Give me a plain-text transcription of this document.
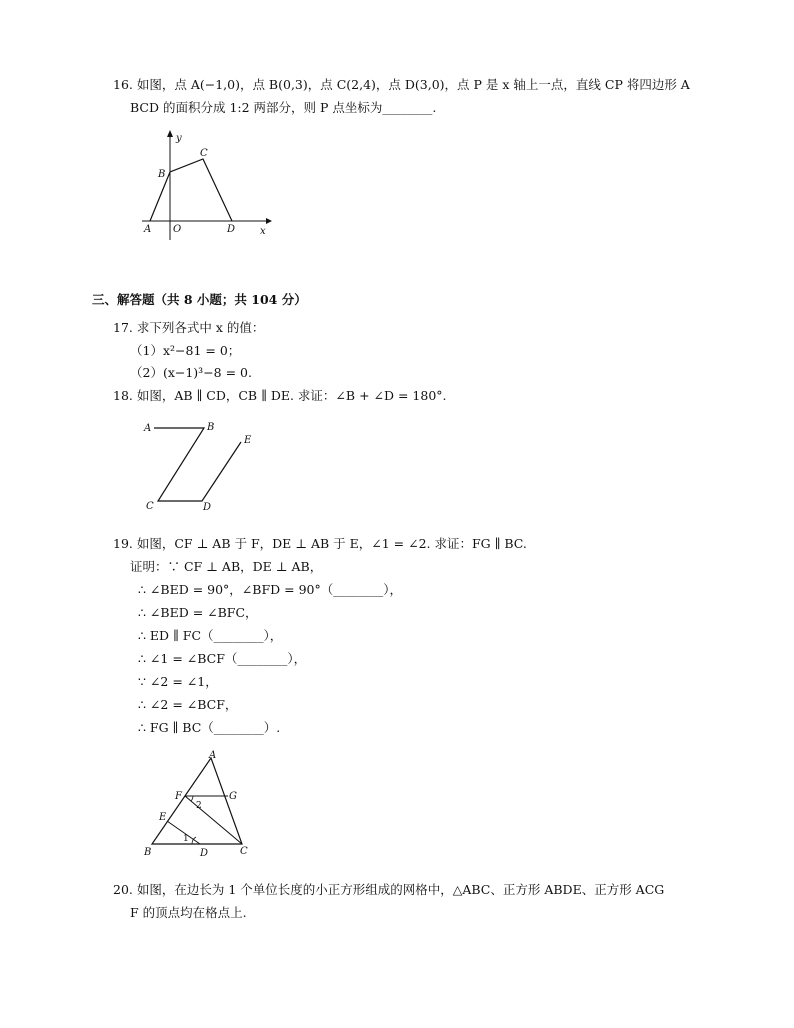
16. 如图，点 A(−1,0)，点 B(0,3)，点 C(2,4)，点 D(3,0)，点 P 是 x 轴上一点，直线 CP 将四边形 A
BCD 的面积分成 1:2 两部分，则 P 点坐标为________.
y
x
A O
B
C
D
三、解答题（共 8 小题；共 104 分）
17. 求下列各式中 x 的值：
（1）x²−81 = 0；
（2）(x−1)³−8 = 0.
18. 如图，AB ∥ CD，CB ∥ DE. 求证：∠B + ∠D = 180°.
A	B
E
C	D
19. 如图，CF ⊥ AB 于 F，DE ⊥ AB 于 E，∠1 = ∠2. 求证：FG ∥ BC.
证明：∵ CF ⊥ AB，DE ⊥ AB，
∴ ∠BED = 90°，∠BFD = 90°（________），
∴ ∠BED = ∠BFC，
∴ ED ∥ FC（________），
∴ ∠1 = ∠BCF（________），
∵ ∠2 = ∠1，
∴ ∠2 = ∠BCF，
∴ FG ∥ BC（________）.
A
F	G
E
B	D	C
2
1
20. 如图，在边长为 1 个单位长度的小正方形组成的网格中，△ABC、正方形 ABDE、正方形 ACG
F 的顶点均在格点上.
